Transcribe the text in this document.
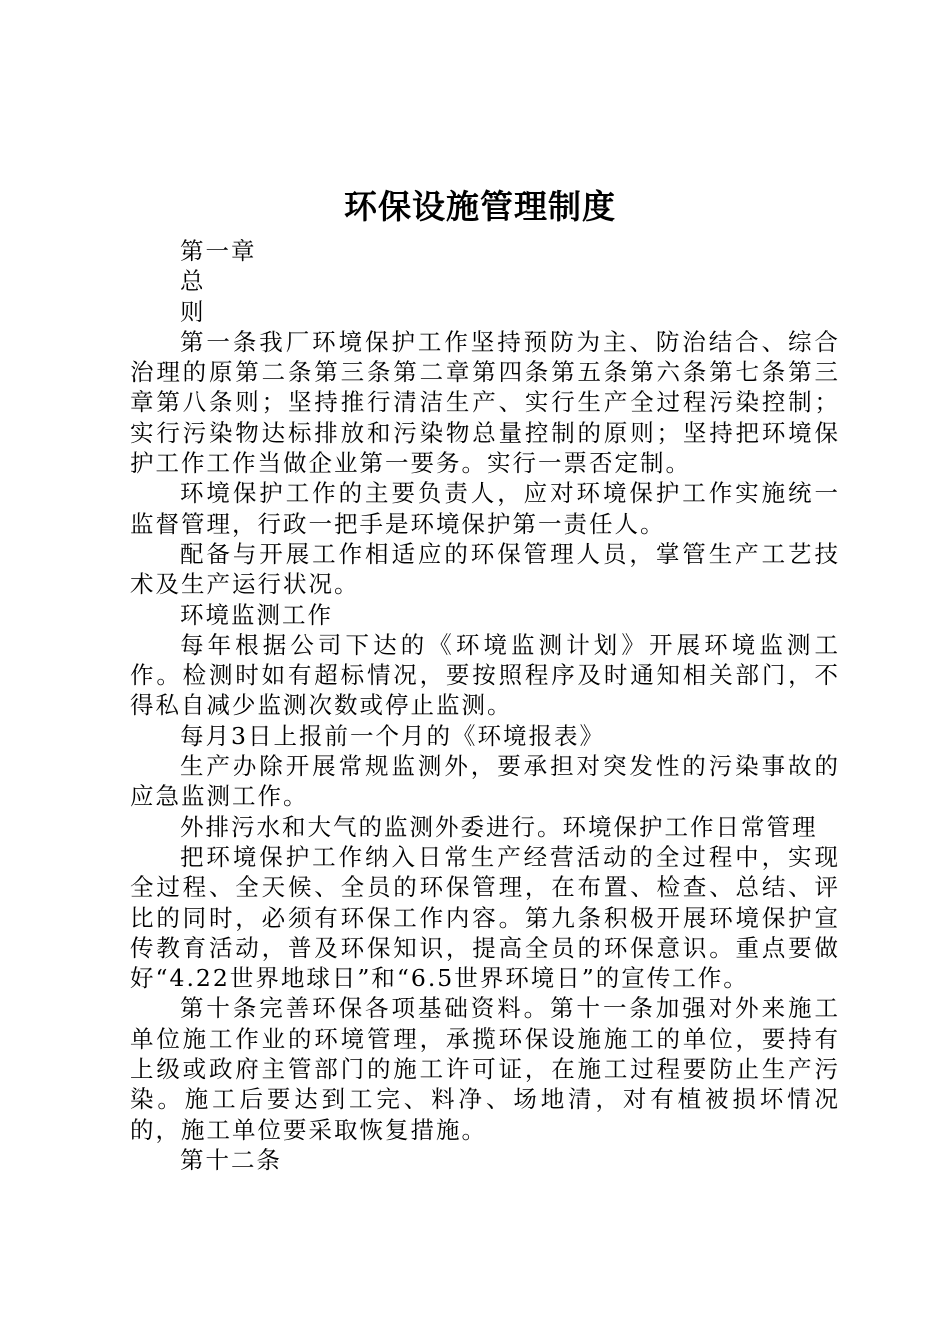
环保设施管理制度

第一章

总

则

第一条我厂环境保护工作坚持预防为主、防治结合、综合治理的原第二条第三条第二章第四条第五条第六条第七条第三章第八条则；坚持推行清洁生产、实行生产全过程污染控制；实行污染物达标排放和污染物总量控制的原则；坚持把环境保护工作工作当做企业第一要务。实行一票否定制。

环境保护工作的主要负责人，应对环境保护工作实施统一监督管理，行政一把手是环境保护第一责任人。

配备与开展工作相适应的环保管理人员，掌管生产工艺技术及生产运行状况。

环境监测工作

每年根据公司下达的《环境监测计划》开展环境监测工作。检测时如有超标情况，要按照程序及时通知相关部门，不得私自减少监测次数或停止监测。

每月3日上报前一个月的《环境报表》

生产办除开展常规监测外，要承担对突发性的污染事故的应急监测工作。

外排污水和大气的监测外委进行。环境保护工作日常管理

把环境保护工作纳入日常生产经营活动的全过程中，实现全过程、全天候、全员的环保管理，在布置、检查、总结、评比的同时，必须有环保工作内容。第九条积极开展环境保护宣传教育活动，普及环保知识，提高全员的环保意识。重点要做好“4.22世界地球日”和“6.5世界环境日”的宣传工作。

第十条完善环保各项基础资料。第十一条加强对外来施工单位施工作业的环境管理，承揽环保设施施工的单位，要持有上级或政府主管部门的施工许可证，在施工过程要防止生产污染。施工后要达到工完、料净、场地清，对有植被损坏情况的，施工单位要采取恢复措施。

第十二条
